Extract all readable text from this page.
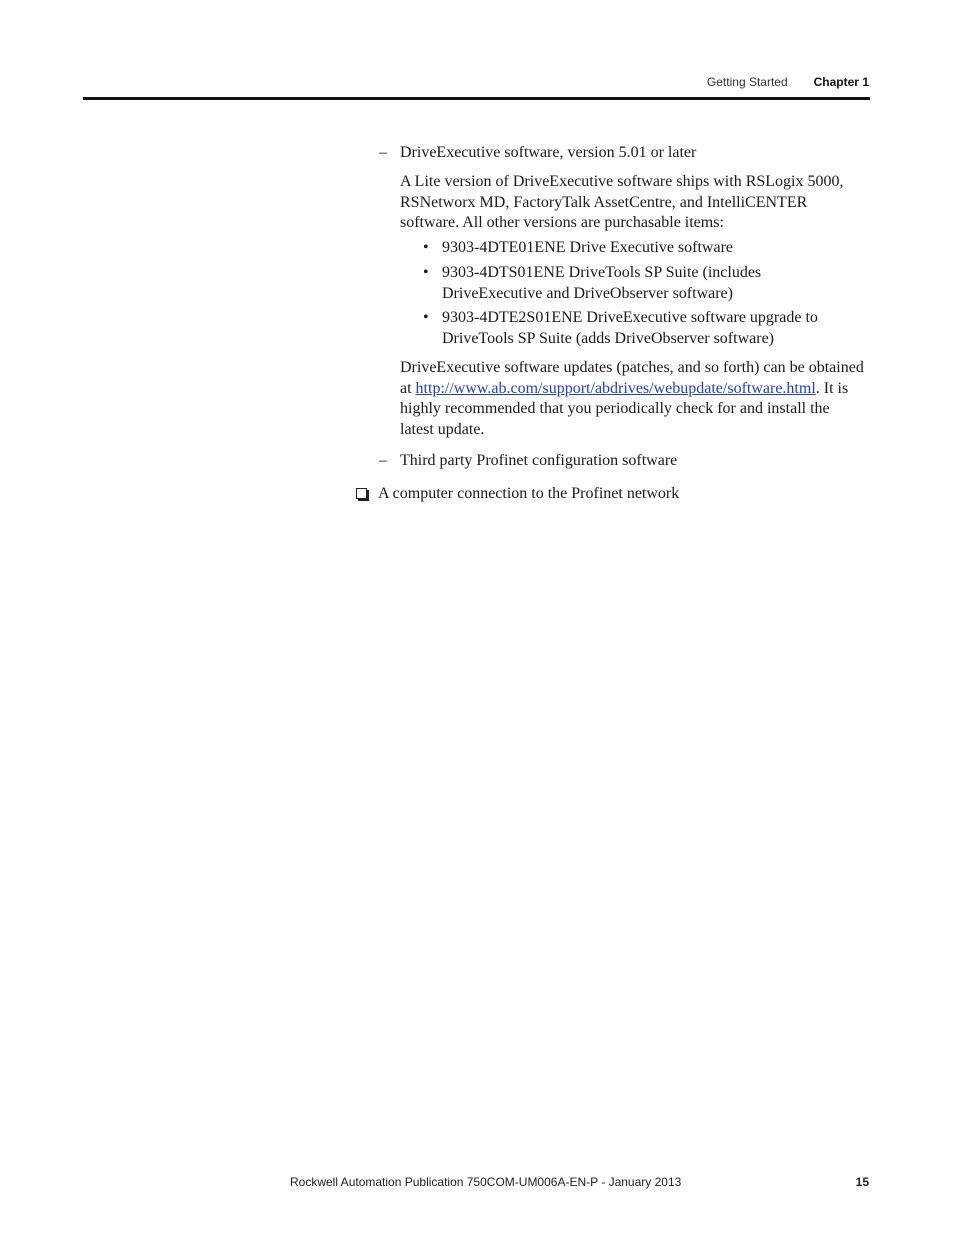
Getting Started Chapter 1
– DriveExecutive software, version 5.01 or later

A Lite version of DriveExecutive software ships with RSLogix 5000, RSNetworx MD, FactoryTalk AssetCentre, and IntelliCENTER software. All other versions are purchasable items:

• 9303-4DTE01ENE Drive Executive software
• 9303-4DTS01ENE DriveTools SP Suite (includes DriveExecutive and DriveObserver software)
• 9303-4DTE2S01ENE DriveExecutive software upgrade to DriveTools SP Suite (adds DriveObserver software)

DriveExecutive software updates (patches, and so forth) can be obtained at http://www.ab.com/support/abdrives/webupdate/software.html. It is highly recommended that you periodically check for and install the latest update.

– Third party Profinet configuration software
A computer connection to the Profinet network
Rockwell Automation Publication 750COM-UM006A-EN-P - January 2013	15
